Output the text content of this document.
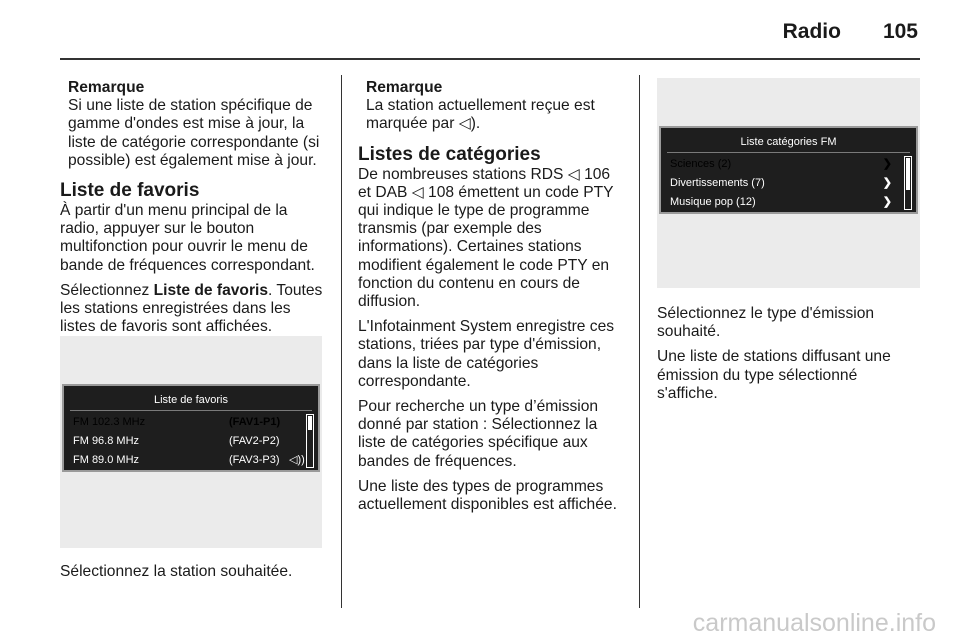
Radio 105
Remarque
Si une liste de station spécifique de gamme d'ondes est mise à jour, la liste de catégorie correspondante (si possible) est également mise à jour.
Liste de favoris
À partir d'un menu principal de la radio, appuyer sur le bouton multifonction pour ouvrir le menu de bande de fréquences correspondant.

Sélectionnez Liste de favoris. Toutes les stations enregistrées dans les listes de favoris sont affichées.

Liste de favoris
FM 102.3 MHz	(FAV1-P1)
FM 96.8 MHz	(FAV2-P2)
FM 89.0 MHz	(FAV3-P3) ◁))
Sélectionnez la station souhaitée.
Remarque
La station actuellement reçue est marquée par ◁).
Listes de catégories
De nombreuses stations RDS ◁ 106 et DAB ◁ 108 émettent un code PTY qui indique le type de programme transmis (par exemple des informations). Certaines stations modifient également le code PTY en fonction du contenu en cours de diffusion.

L'Infotainment System enregistre ces stations, triées par type d'émission, dans la liste de catégories correspondante.

Pour recherche un type d’émission donné par station : Sélectionnez la liste de catégories spécifique aux bandes de fréquences.

Une liste des types de programmes actuellement disponibles est affichée.

Liste catégories FM
Sciences (2)	❯
Divertissements (7)	❯
Musique pop (12)	❯
Sélectionnez le type d'émission souhaité.

Une liste de stations diffusant une émission du type sélectionné s'affiche.

carmanualsonline.info
